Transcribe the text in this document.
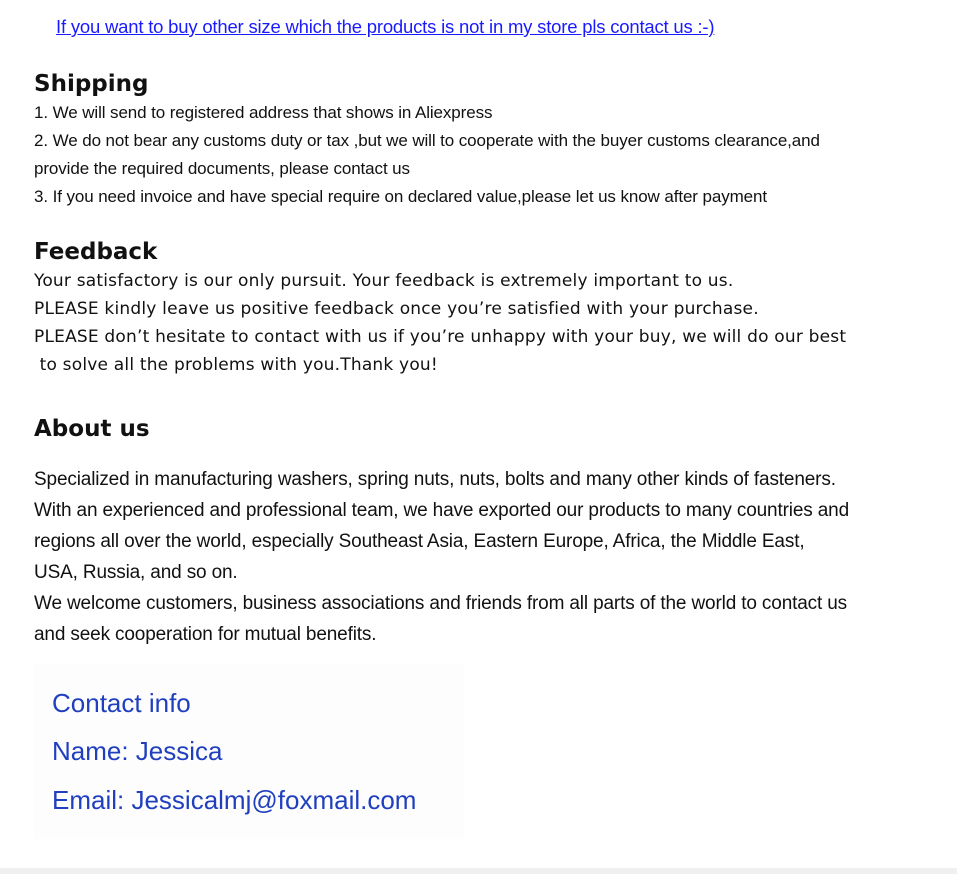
If you want to buy other size which the products is not in my store pls contact us :-)
Shipping

1. We will send to registered address that shows in Aliexpress

2. We do not bear any customs duty or tax ,but we will to cooperate with the buyer customs clearance,and

provide the required documents, please contact us

3. If you need invoice and have special require on declared value,please let us know after payment

Feedback

Your satisfactory is our only pursuit. Your feedback is extremely important to us.

PLEASE kindly leave us positive feedback once you’re satisfied with your purchase.

PLEASE don’t hesitate to contact with us if you’re unhappy with your buy, we will do our best

to solve all the problems with you.Thank you!

About us

Specialized in manufacturing washers, spring nuts, nuts, bolts and many other kinds of fasteners.

With an experienced and professional team, we have exported our products to many countries and

regions all over the world, especially Southeast Asia, Eastern Europe, Africa, the Middle East,

USA, Russia, and so on.

We welcome customers, business associations and friends from all parts of the world to contact us

and seek cooperation for mutual benefits.

Contact info
Name: Jessica
Email: Jessicalmj@foxmail.com
